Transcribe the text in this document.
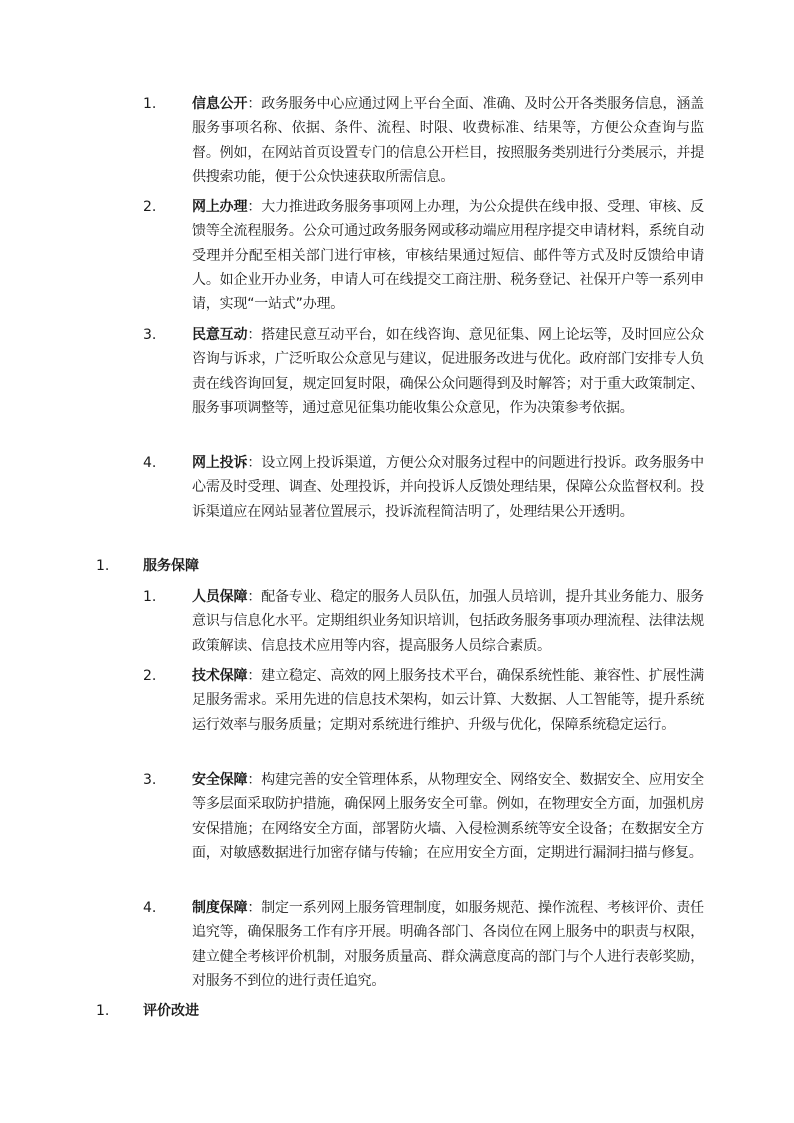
1.	信息公开：政务服务中心应通过网上平台全面、准确、及时公开各类服务信息，涵盖服务事项名称、依据、条件、流程、时限、收费标准、结果等，方便公众查询与监督。例如，在网站首页设置专门的信息公开栏目，按照服务类别进行分类展示，并提供搜索功能，便于公众快速获取所需信息。
2.	网上办理：大力推进政务服务事项网上办理，为公众提供在线申报、受理、审核、反馈等全流程服务。公众可通过政务服务网或移动端应用程序提交申请材料，系统自动受理并分配至相关部门进行审核，审核结果通过短信、邮件等方式及时反馈给申请人。如企业开办业务，申请人可在线提交工商注册、税务登记、社保开户等一系列申请，实现“一站式”办理。
3.	民意互动：搭建民意互动平台，如在线咨询、意见征集、网上论坛等，及时回应公众咨询与诉求，广泛听取公众意见与建议，促进服务改进与优化。政府部门安排专人负责在线咨询回复，规定回复时限，确保公众问题得到及时解答；对于重大政策制定、服务事项调整等，通过意见征集功能收集公众意见，作为决策参考依据。
4.	网上投诉：设立网上投诉渠道，方便公众对服务过程中的问题进行投诉。政务服务中心需及时受理、调查、处理投诉，并向投诉人反馈处理结果，保障公众监督权利。投诉渠道应在网站显著位置展示，投诉流程简洁明了，处理结果公开透明。
1. 服务保障
1.	人员保障：配备专业、稳定的服务人员队伍，加强人员培训，提升其业务能力、服务意识与信息化水平。定期组织业务知识培训，包括政务服务事项办理流程、法律法规政策解读、信息技术应用等内容，提高服务人员综合素质。
2.	技术保障：建立稳定、高效的网上服务技术平台，确保系统性能、兼容性、扩展性满足服务需求。采用先进的信息技术架构，如云计算、大数据、人工智能等，提升系统运行效率与服务质量；定期对系统进行维护、升级与优化，保障系统稳定运行。
3.	安全保障：构建完善的安全管理体系，从物理安全、网络安全、数据安全、应用安全等多层面采取防护措施，确保网上服务安全可靠。例如，在物理安全方面，加强机房安保措施；在网络安全方面，部署防火墙、入侵检测系统等安全设备；在数据安全方面，对敏感数据进行加密存储与传输；在应用安全方面，定期进行漏洞扫描与修复。
4.	制度保障：制定一系列网上服务管理制度，如服务规范、操作流程、考核评价、责任追究等，确保服务工作有序开展。明确各部门、各岗位在网上服务中的职责与权限，建立健全考核评价机制，对服务质量高、群众满意度高的部门与个人进行表彰奖励，对服务不到位的进行责任追究。
1. 评价改进
